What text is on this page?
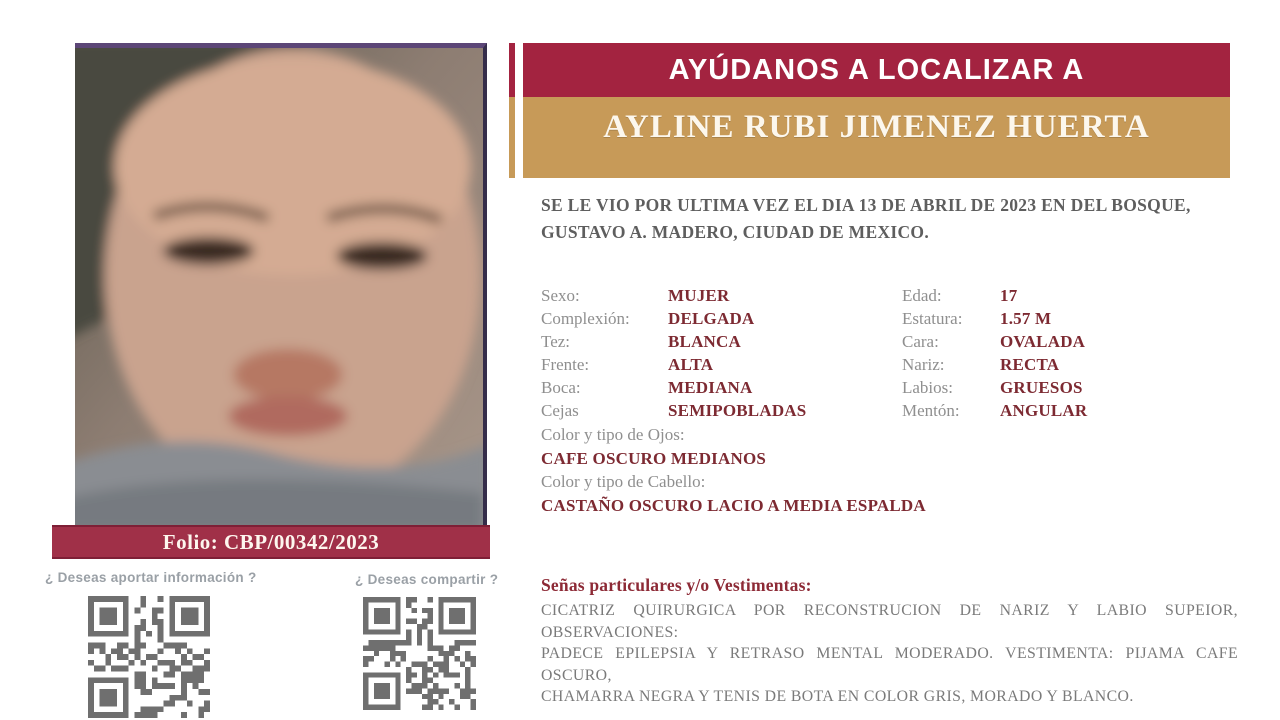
Folio: CBP/00342/2023
¿ Deseas aportar información ?	¿ Deseas compartir ?
AYÚDANOS A LOCALIZAR A
AYLINE RUBI JIMENEZ HUERTA
SE LE VIO POR ULTIMA VEZ EL DIA 13 DE ABRIL DE 2023 EN DEL BOSQUE,
GUSTAVO A. MADERO, CIUDAD DE MEXICO.
Sexo:	MUJER	Edad:	17
Complexión:	DELGADA	Estatura:	1.57 M
Tez:	BLANCA	Cara:	OVALADA
Frente:	ALTA	Nariz:	RECTA
Boca:	MEDIANA	Labios:	GRUESOS
Cejas	SEMIPOBLADAS	Mentón:	ANGULAR
Color y tipo de Ojos:
CAFE OSCURO MEDIANOS
Color y tipo de Cabello:
CASTAÑO OSCURO LACIO A MEDIA ESPALDA
Señas particulares y/o Vestimentas:
CICATRIZ QUIRURGICA POR RECONSTRUCION DE NARIZ Y LABIO SUPEIOR, OBSERVACIONES:
PADECE EPILEPSIA Y RETRASO MENTAL MODERADO. VESTIMENTA: PIJAMA CAFE OSCURO,
CHAMARRA NEGRA Y TENIS DE BOTA EN COLOR GRIS, MORADO Y BLANCO.
